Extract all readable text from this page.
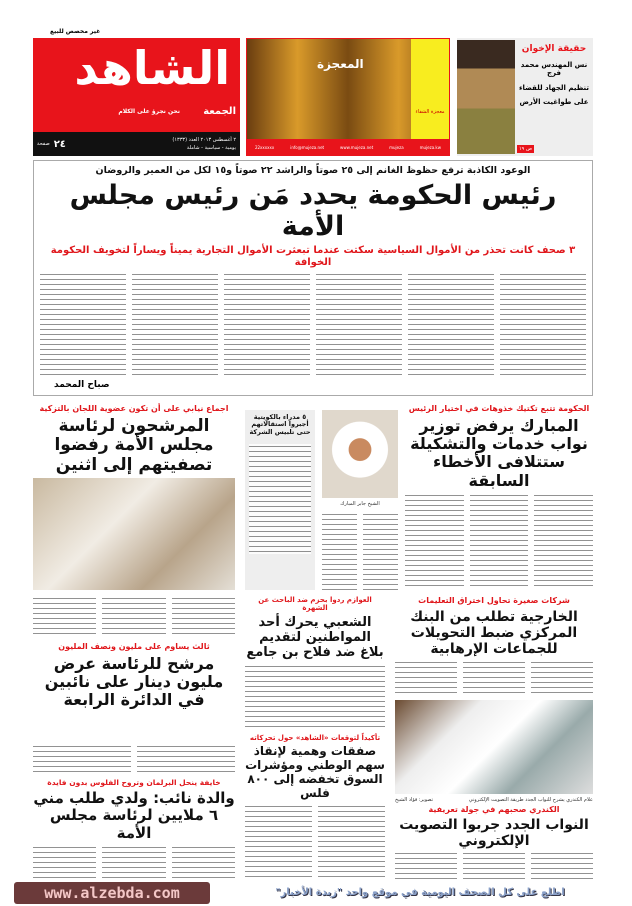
غير مخصص للبيع
الشاهد
الجمعة
نحن نجرؤ على الكلام
٢ أغسطس ٢٠١٣ العدد (١٣٣٣)
يومية - سياسية - شاملة
٢٤
صفحة
معجزة الشفاء
المعجزة
22xxxxxx	info@mujeza.net	www.mujeza.net	mujeza	mujeza.kw
حقيقة الإخوان
نس المهندس محمد فرج
تنظيم الجهاد للقضاء
على طواغيت الأرض
ص ١٩
الوعود الكاذبة ترفع حظوظ الغانم إلى ٢٥ صوتاً والراشد ٢٢ صوتاً و١٥ لكل من العمير والروضان
رئيس الحكومة يحدد مَن رئيس مجلس الأمة
٣ صحف كانت تحذر من الأموال السياسية سكتت عندما تبعثرت الأموال التجارية يميناً ويساراً لتخويف الحكومة الخوافة
صباح المحمد
الحكومة تتبع تكتيك خذوهات في اختيار الرئيس
المبارك يرفض توزير نواب خدمات والتشكيلة ستتلافى الأخطاء السابقة
الشيخ جابر المبارك
٥ مدراء بالكويتية أجبروا استقالاتهم حتى تلبيس الشركة
اجماع نيابي على أن تكون عضوية اللجان بالتزكية
المرشحون لرئاسة مجلس الأمة رفضوا تصفيتهم إلى اثنين
شركات صغيرة تحاول اختراق التعليمات
الخارجية تطلب من البنك المركزي ضبط التحويلات للجماعات الإرهابية
العوازم ردوا بحزم ضد الباحث عن الشهرة
الشعبي يحرك أحد المواطنين لتقديم بلاغ ضد فلاح بن جامع
ثالث يساوم على مليون ونصف المليون
مرشح للرئاسة عرض مليون دينار على نائبين في الدائرة الرابعة
تأكيداً لتوقعات «الشاهد» حول تحركاته
صفقات وهمية لإنقاذ سهم الوطني ومؤشرات السوق تخفضه إلى ٨٠٠ فلس
خايفة ينحل البرلمان وتروح الفلوس بدون فايدة
والدة نائب: ولدي طلب مني ٦ ملايين لرئاسة مجلس الأمة
علام الكندري يشرح للنواب الجدد طريقة التصويت الإلكتروني
تصوير: فؤاد الشيخ
الكندري صحبهم في جولة تعريفية
النواب الجدد جربوا التصويت الإلكتروني
www.alzebda.com	اطلع على كل الصحف اليومية في موقع واحد "زبدة الأخبار"
